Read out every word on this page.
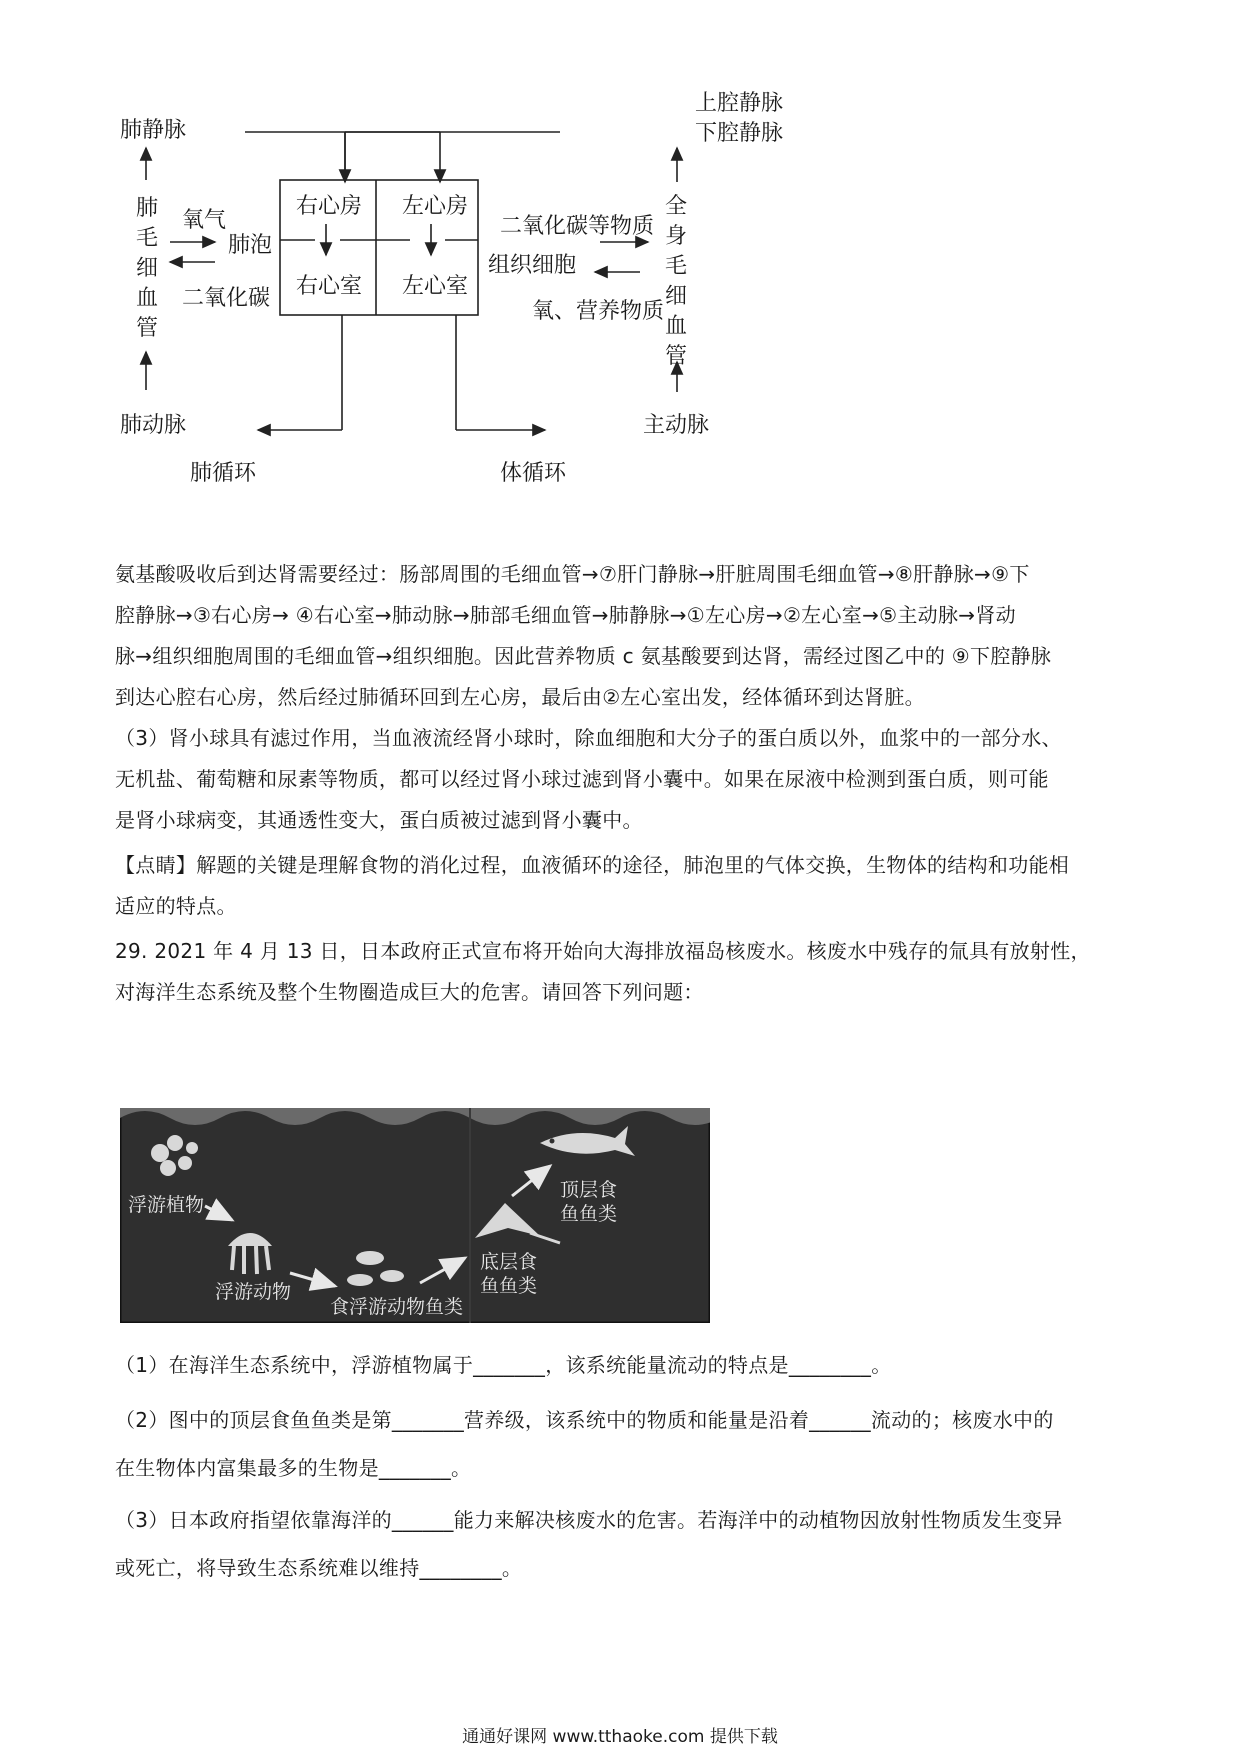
肺静脉
上腔静脉
下腔静脉
肺
毛
细
血
管
氧气
肺泡
二氧化碳
右心房 左心房
右心室 左心室
二氧化碳等物质
组织细胞
氧、营养物质
全
身
毛
细
血
管
肺动脉	主动脉
肺循环	体循环

氨基酸吸收后到达肾需要经过：肠部周围的毛细血管→⑦肝门静脉→肝脏周围毛细血管→⑧肝静脉→⑨下

腔静脉→③右心房→ ④右心室→肺动脉→肺部毛细血管→肺静脉→①左心房→②左心室→⑤主动脉→肾动

脉→组织细胞周围的毛细血管→组织细胞。因此营养物质 c 氨基酸要到达肾，需经过图乙中的 ⑨下腔静脉

到达心腔右心房，然后经过肺循环回到左心房，最后由②左心室出发，经体循环到达肾脏。

（3）肾小球具有滤过作用，当血液流经肾小球时，除血细胞和大分子的蛋白质以外，血浆中的一部分水、

无机盐、葡萄糖和尿素等物质，都可以经过肾小球过滤到肾小囊中。如果在尿液中检测到蛋白质，则可能

是肾小球病变，其通透性变大，蛋白质被过滤到肾小囊中。

【点睛】解题的关键是理解食物的消化过程，血液循环的途径，肺泡里的气体交换，生物体的结构和功能相

适应的特点。

29. 2021 年 4 月 13 日，日本政府正式宣布将开始向大海排放福岛核废水。核废水中残存的氚具有放射性，

对海洋生态系统及整个生物圈造成巨大的危害。请回答下列问题：

浮游植物
浮游动物
食浮游动物鱼类
底层食
鱼鱼类
顶层食
鱼鱼类

（1）在海洋生态系统中，浮游植物属于_______，该系统能量流动的特点是________。

（2）图中的顶层食鱼鱼类是第_______营养级，该系统中的物质和能量是沿着______流动的；核废水中的

在生物体内富集最多的生物是_______。

（3）日本政府指望依靠海洋的______能力来解决核废水的危害。若海洋中的动植物因放射性物质发生变异

或死亡，将导致生态系统难以维持________。

通通好课网 www.tthaoke.com 提供下载
